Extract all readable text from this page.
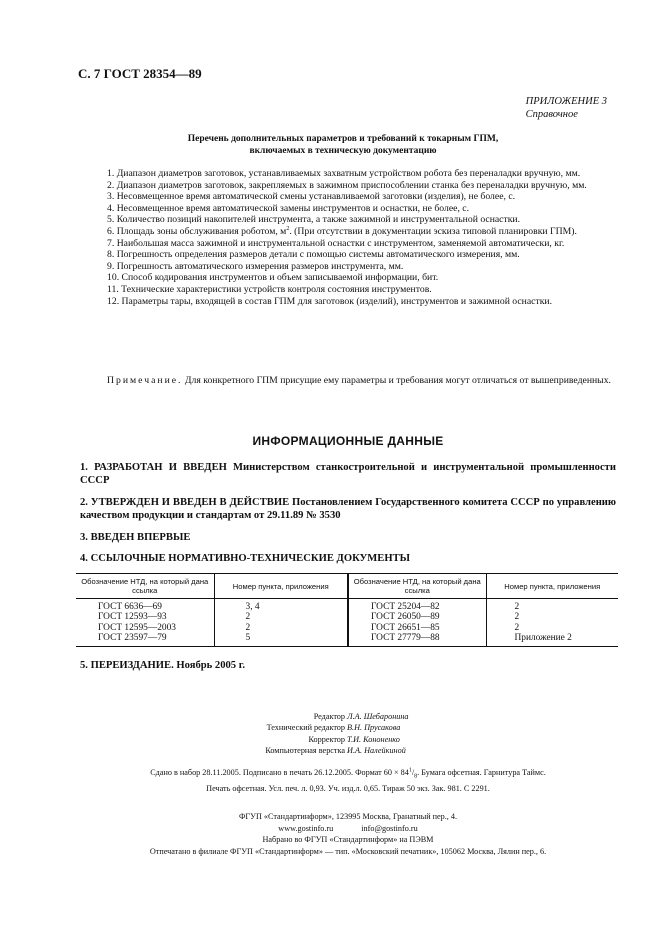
С. 7 ГОСТ 28354—89
ПРИЛОЖЕНИЕ 3
Справочное
Перечень дополнительных параметров и требований к токарным ГПМ,
включаемых в техническую документацию

1. Диапазон диаметров заготовок, устанавливаемых захватным устройством робота без переналадки вручную, мм.

2. Диапазон диаметров заготовок, закрепляемых в зажимном приспособлении станка без переналадки вручную, мм.

3. Несовмещенное время автоматической смены устанавливаемой заготовки (изделия), не более, с.

4. Несовмещенное время автоматической замены инструментов и оснастки, не более, с.

5. Количество позиций накопителей инструмента, а также зажимной и инструментальной оснастки.

6. Площадь зоны обслуживания роботом, $м^2$. (При отсутствии в документации эскиза типовой планировки ГПМ).

7. Наибольшая масса зажимной и инструментальной оснастки с инструментом, заменяемой автоматически, кг.

8. Погрешность определения размеров детали с помощью системы автоматического измерения, мм.

9. Погрешность автоматического измерения размеров инструмента, мм.

10. Способ кодирования инструментов и объем записываемой информации, бит.

11. Технические характеристики устройств контроля состояния инструментов.

12. Параметры тары, входящей в состав ГПМ для заготовок (изделий), инструментов и зажимной оснастки.

Примечание. Для конкретного ГПМ присущие ему параметры и требования могут отличаться от вышеприведенных.
ИНФОРМАЦИОННЫЕ ДАННЫЕ
1. РАЗРАБОТАН И ВВЕДЕН Министерством станкостроительной и инструментальной промышленности СССР
2. УТВЕРЖДЕН И ВВЕДЕН В ДЕЙСТВИЕ Постановлением Государственного комитета СССР по управлению качеством продукции и стандартам от 29.11.89 № 3530
3. ВВЕДЕН ВПЕРВЫЕ
4. ССЫЛОЧНЫЕ НОРМАТИВНО-ТЕХНИЧЕСКИЕ ДОКУМЕНТЫ
Обозначение НТД, на который дана ссылка	Номер пункта, приложения	Обозначение НТД, на который дана ссылка	Номер пункта, приложения
ГОСТ 6636—69	3, 4	ГОСТ 25204—82	2
ГОСТ 12593—93	2	ГОСТ 26050—89	2
ГОСТ 12595—2003	2	ГОСТ 26651—85	2
ГОСТ 23597—79	5	ГОСТ 27779—88	Приложение 2
5. ПЕРЕИЗДАНИЕ. Ноябрь 2005 г.
Редактор Л.А. Шебаронина
Технический редактор В.Н. Прусакова
Корректор Т.И. Кононенко
Компьютерная верстка И.А. Налейкиной
Сдано в набор 28.11.2005. Подписано в печать 26.12.2005. Формат $60 \times 84^1/_8$. Бумага офсетная. Гарнитура Таймс.
Печать офсетная. Усл. печ. л. 0,93. Уч. изд.л. 0,65. Тираж 50 экз. Зак. 981. С 2291.
ФГУП «Стандартинформ», 123995 Москва, Гранатный пер., 4.
www.gostinfo.ru	info@gostinfo.ru
Набрано во ФГУП «Стандартинформ» на ПЭВМ
Отпечатано в филиале ФГУП «Стандартинформ» — тип. «Московский печатник», 105062 Москва, Лялин пер., 6.
